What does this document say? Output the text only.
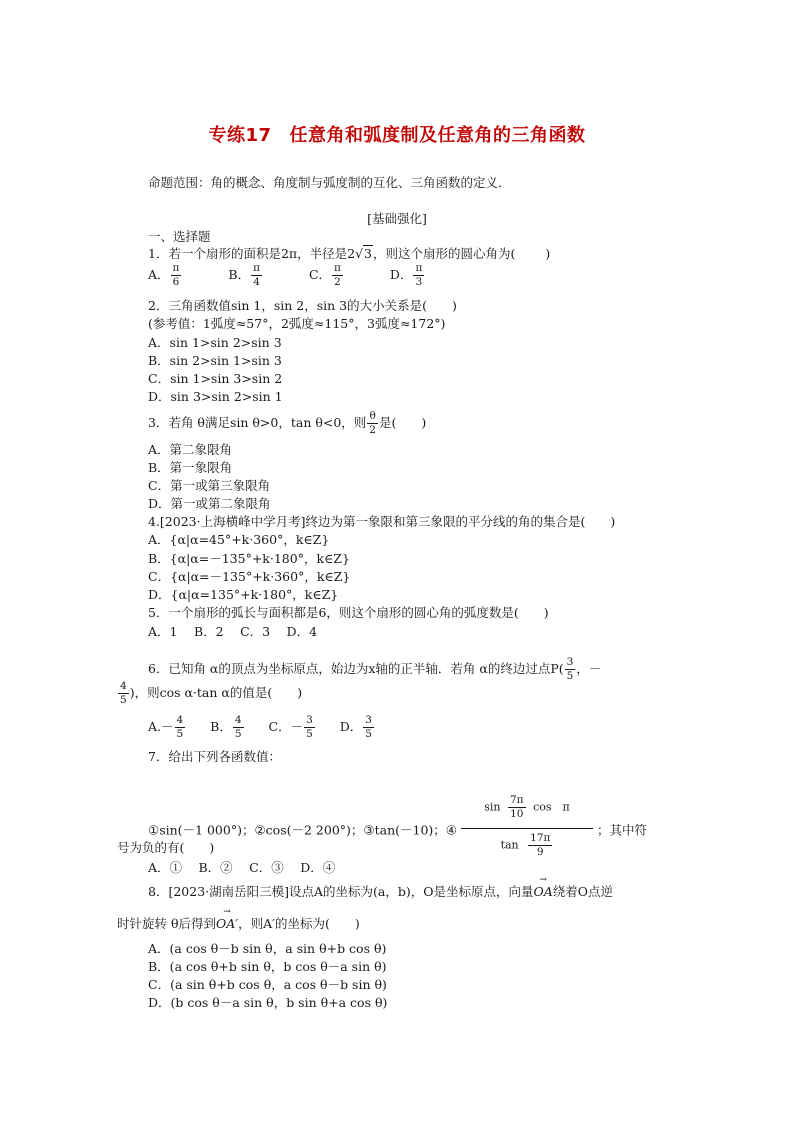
专练17 任意角和弧度制及任意角的三角函数
命题范围：角的概念、角度制与弧度制的互化、三角函数的定义．
[基础强化]
一、选择题
1．若一个扇形的面积是2π，半径是2√3，则这个扇形的圆心角为( )
A． $\frac{\pi}{6}$	B． $\frac{\pi}{4}$	C． $\frac{\pi}{2}$	D． $\frac{\pi}{3}$
2．三角函数值sin 1，sin 2，sin 3的大小关系是(　　)
(参考值：1弧度≈57°，2弧度≈115°，3弧度≈172°)
A．sin 1>sin 2>sin 3
B．sin 2>sin 1>sin 3
C．sin 1>sin 3>sin 2
D．sin 3>sin 2>sin 1
3．若角 θ满足sin θ>0，tan θ<0，则 $\frac{\theta}{2}$ 是(　　)
A．第二象限角
B．第一象限角
C．第一或第三象限角
D．第一或第二象限角
4.[2023·上海横峰中学月考]终边为第一象限和第三象限的平分线的角的集合是(　　)
A．{α|α=45°+k·360°，k∈Z}
B．{α|α=－135°+k·180°，k∈Z}
C．{α|α=－135°+k·360°，k∈Z}
D．{α|α=135°+k·180°，k∈Z}
5．一个扇形的弧长与面积都是6，则这个扇形的圆心角的弧度数是(　　)
A．1　 B．2　 C．3　 D．4
6．已知角 α的顶点为坐标原点，始边为x轴的正半轴．若角 α的终边过点$P( \frac{3}{5}$ ，－
$\frac{4}{5}$ )，则cos α·tan α的值是(　　)
$A.- \frac{4}{5}$ B． $\frac{4}{5}$ C．－ $\frac{3}{5}$ D． $\frac{3}{5}$
7．给出下列各函数值：
①sin(－1 000°)；②cos(－2 200°)；③tan(－10)；④ $\frac{\sin \frac{7\pi}{10} \cos \pi}{\tan \frac{17\pi}{9}}$ ；其中符
号为负的有(　　)
A．①　 B．②　 C．③　 D．④
8．[2023·湖南岳阳三模]设点A的坐标为(a，b)，O是坐标原点，向量→ OA绕着O点逆
时针旋转 θ后得到→ OA′，则A′的坐标为(　　)
A．(a cos θ－b sin θ，a sin θ+b cos θ)
B．(a cos θ+b sin θ，b cos θ－a sin θ)
C．(a sin θ+b cos θ，a cos θ－b sin θ)
D．(b cos θ－a sin θ，b sin θ+a cos θ)
